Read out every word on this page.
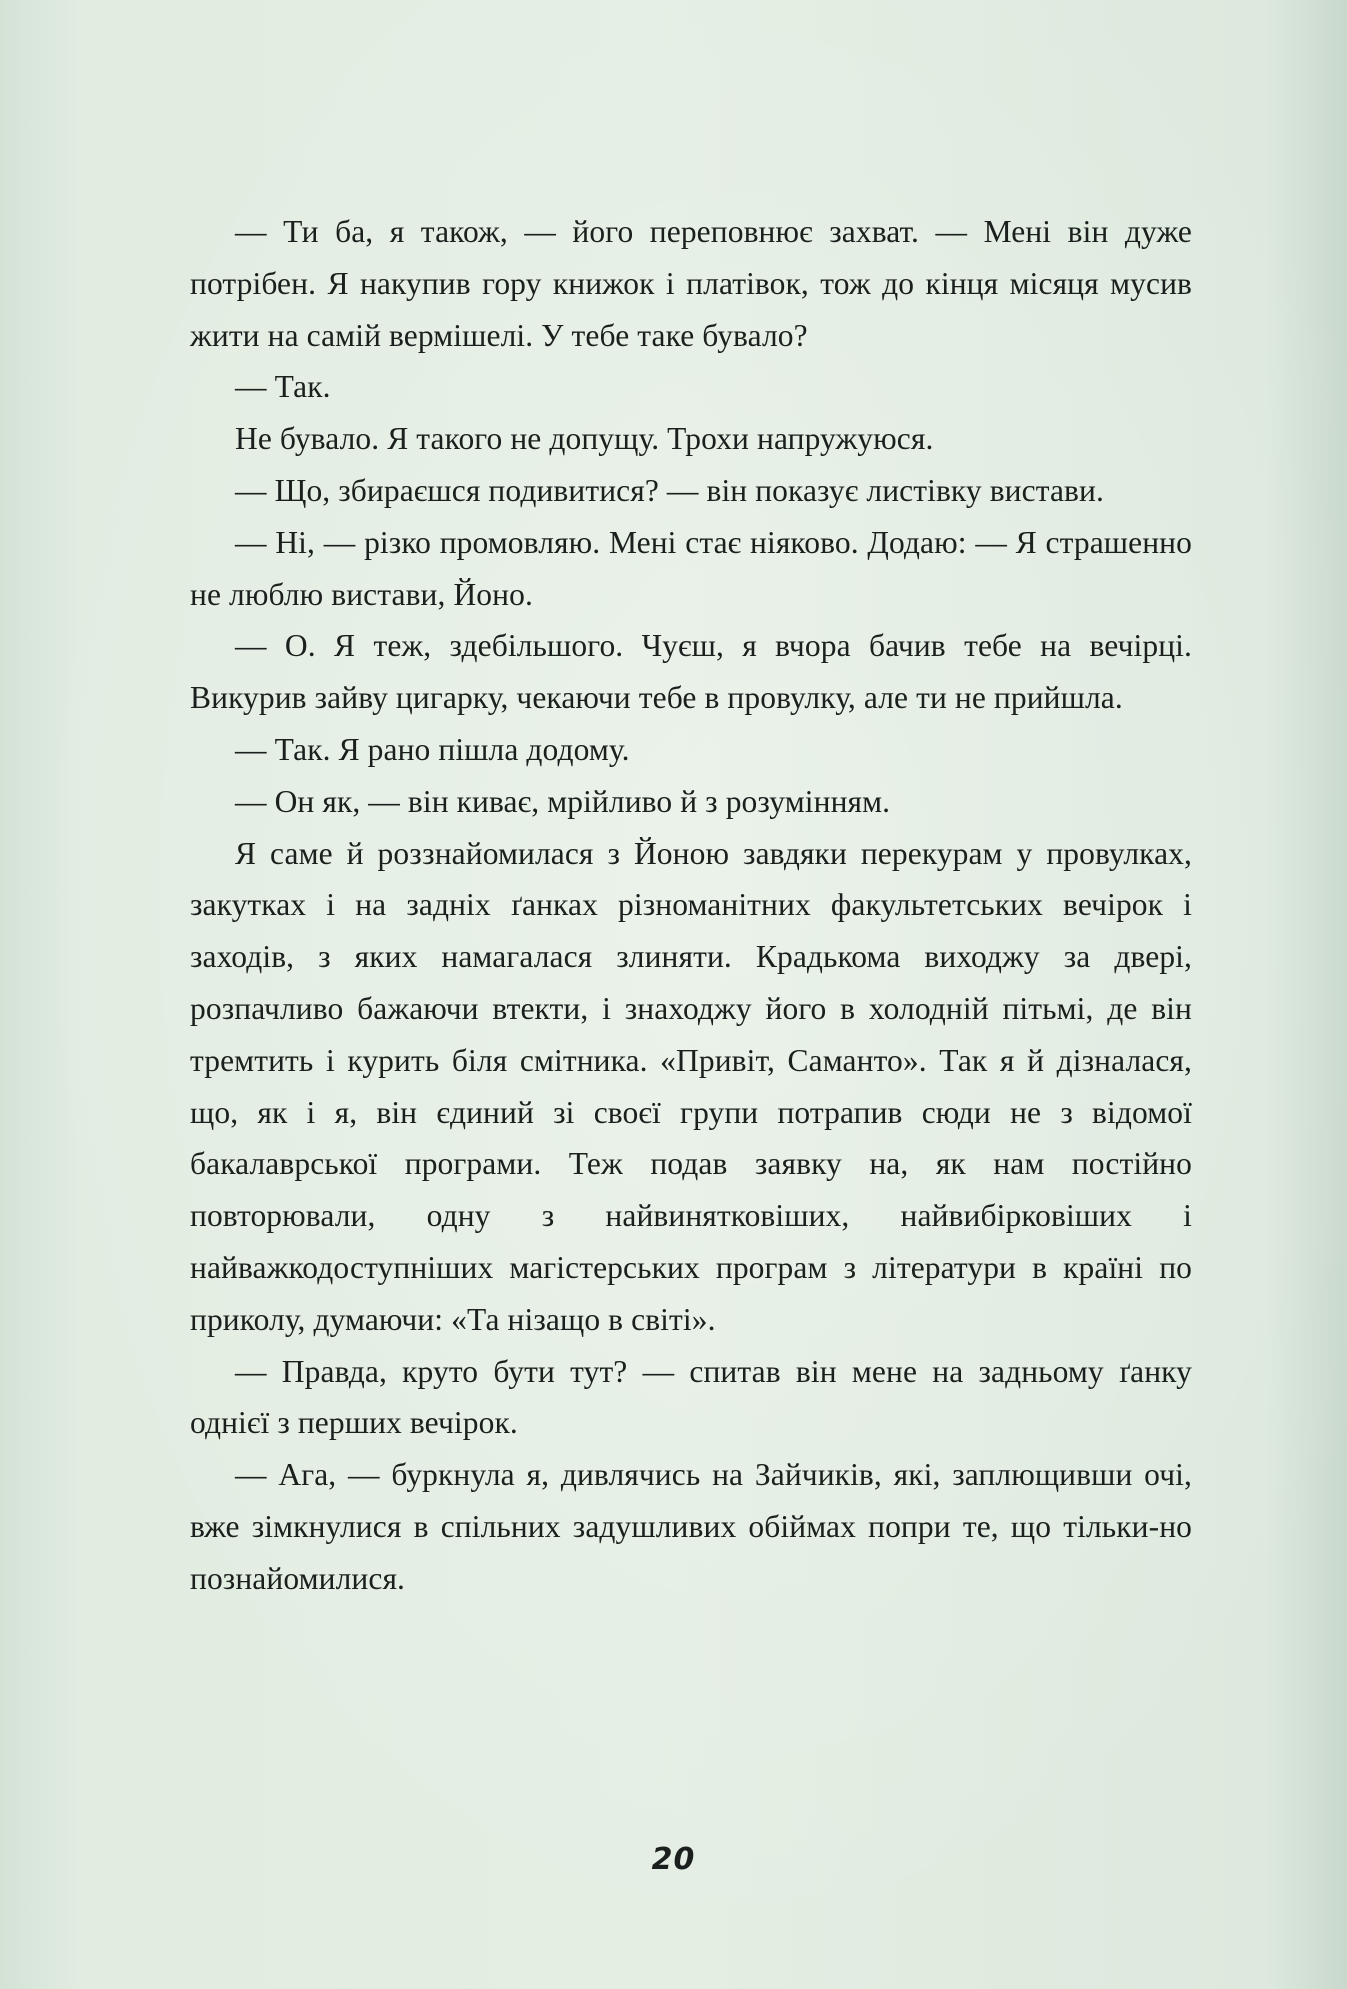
— Ти ба, я також, — його переповнює захват. — Мені він дуже потрібен. Я накупив гору книжок і платівок, тож до кінця місяця мусив жити на самій вермішелі. У тебе таке бувало?

— Так.

Не бувало. Я такого не допущу. Трохи напружуюся.

— Що, збираєшся подивитися? — він показує листівку вистави.

— Ні, — різко промовляю. Мені стає ніяково. Додаю: — Я страшенно не люблю вистави, Йоно.

— О. Я теж, здебільшого. Чуєш, я вчора бачив тебе на вечірці. Викурив зайву цигарку, чекаючи тебе в провулку, але ти не прийшла.

— Так. Я рано пішла додому.

— Он як, — він киває, мрійливо й з розумінням.

Я саме й роззнайомилася з Йоною завдяки перекурам у провулках, закутках і на задніх ґанках різноманітних факультетських вечірок і заходів, з яких намагалася злиняти. Крадькома виходжу за двері, розпачливо бажаючи втекти, і знаходжу його в холодній пітьмі, де він тремтить і курить біля смітника. «Привіт, Саманто». Так я й дізналася, що, як і я, він єдиний зі своєї групи потрапив сюди не з відомої бакалаврської програми. Теж подав заявку на, як нам постійно повторювали, одну з найвинятковіших, найвибірковіших і найважкодоступніших магістерських програм з літератури в країні по приколу, думаючи: «Та нізащо в світі».

— Правда, круто бути тут? — спитав він мене на задньому ґанку однієї з перших вечірок.

— Ага, — буркнула я, дивлячись на Зайчиків, які, заплющивши очі, вже зімкнулися в спільних задушливих обіймах попри те, що тільки-но познайомилися.

20
